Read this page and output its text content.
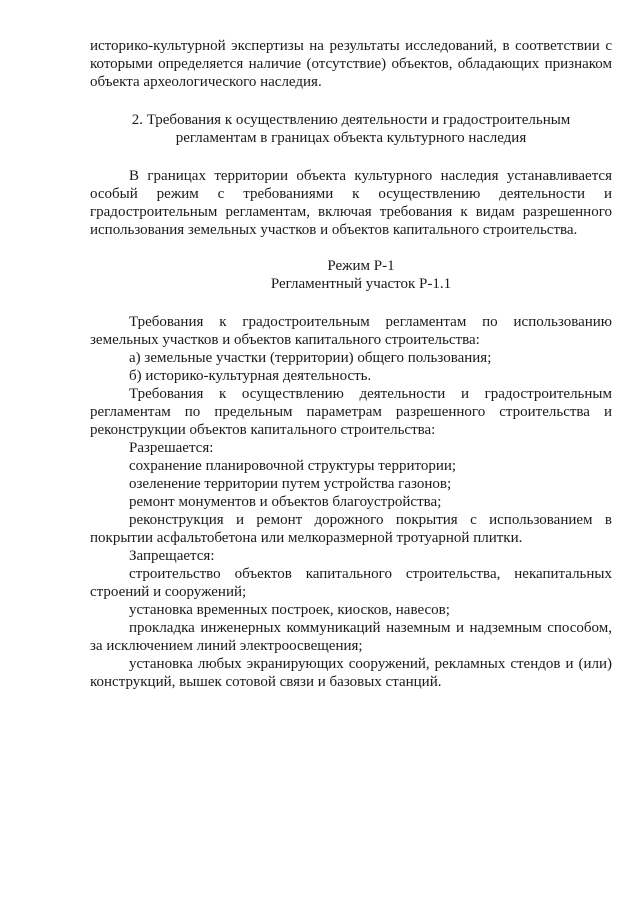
историко-культурной экспертизы на результаты исследований, в соответствии с которыми определяется наличие (отсутствие) объектов, обладающих признаком объекта археологического наследия.

2. Требования к осуществлению деятельности и градостроительным регламентам в границах объекта культурного наследия

В границах территории объекта культурного наследия устанавливается особый режим с требованиями к осуществлению деятельности и градостроительным регламентам, включая требования к видам разрешенного использования земельных участков и объектов капитального строительства.

Режим Р-1

Регламентный участок Р-1.1

Требования к градостроительным регламентам по использованию земельных участков и объектов капитального строительства:

а) земельные участки (территории) общего пользования;

б) историко-культурная деятельность.

Требования к осуществлению деятельности и градостроительным регламентам по предельным параметрам разрешенного строительства и реконструкции объектов капитального строительства:

Разрешается:

сохранение планировочной структуры территории;

озеленение территории путем устройства газонов;

ремонт монументов и объектов благоустройства;

реконструкция и ремонт дорожного покрытия с использованием в покрытии асфальтобетона или мелкоразмерной тротуарной плитки.

Запрещается:

строительство объектов капитального строительства, некапитальных строений и сооружений;

установка временных построек, киосков, навесов;

прокладка инженерных коммуникаций наземным и надземным способом, за исключением линий электроосвещения;

установка любых экранирующих сооружений, рекламных стендов и (или) конструкций, вышек сотовой связи и базовых станций.
